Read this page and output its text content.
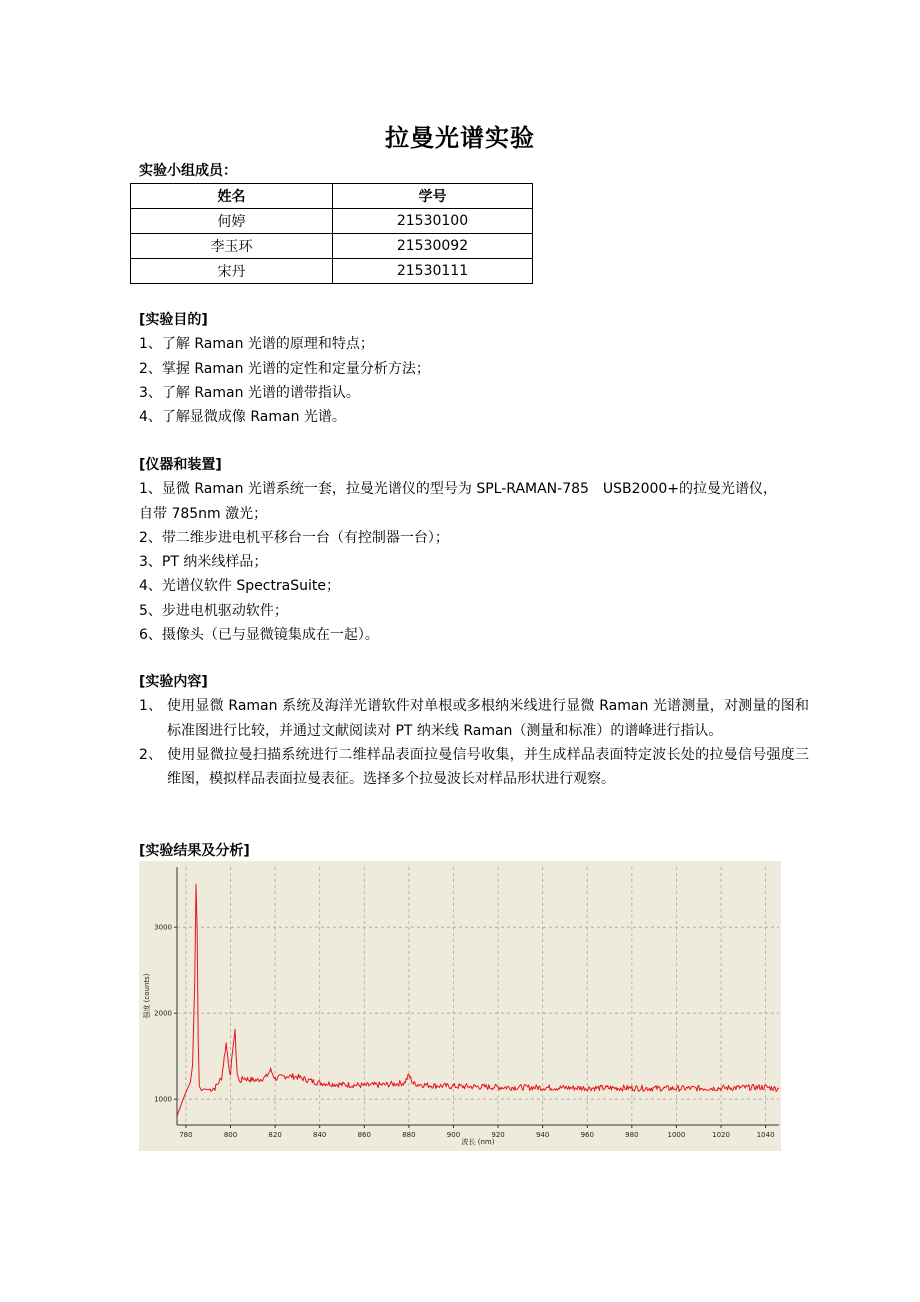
拉曼光谱实验
实验小组成员：
姓名	学号
何婷	21530100
李玉环	21530092
宋丹	21530111
[实验目的]
1、了解 Raman 光谱的原理和特点；
2、掌握 Raman 光谱的定性和定量分析方法；
3、了解 Raman 光谱的谱带指认。
4、了解显微成像 Raman 光谱。
[仪器和装置]
1、显微 Raman 光谱系统一套，拉曼光谱仪的型号为 SPL-RAMAN-785　USB2000+的拉曼光谱仪，自带 785nm 激光；
2、带二维步进电机平移台一台（有控制器一台）；
3、PT 纳米线样品；
4、光谱仪软件 SpectraSuite；
5、步进电机驱动软件；
6、摄像头（已与显微镜集成在一起）。
[实验内容]
1、 使用显微 Raman 系统及海洋光谱软件对单根或多根纳米线进行显微 Raman 光谱测量，对测量的图和标准图进行比较，并通过文献阅读对 PT 纳米线 Raman（测量和标准）的谱峰进行指认。
2、 使用显微拉曼扫描系统进行二维样品表面拉曼信号收集，并生成样品表面特定波长处的拉曼信号强度三维图，模拟样品表面拉曼表征。选择多个拉曼波长对样品形状进行观察。
[实验结果及分析]
780	800	820	840	860	880	900	920	940	960	980	1000	1020	1040
1000
2000
3000
波长 (nm)
强度 (counts)
